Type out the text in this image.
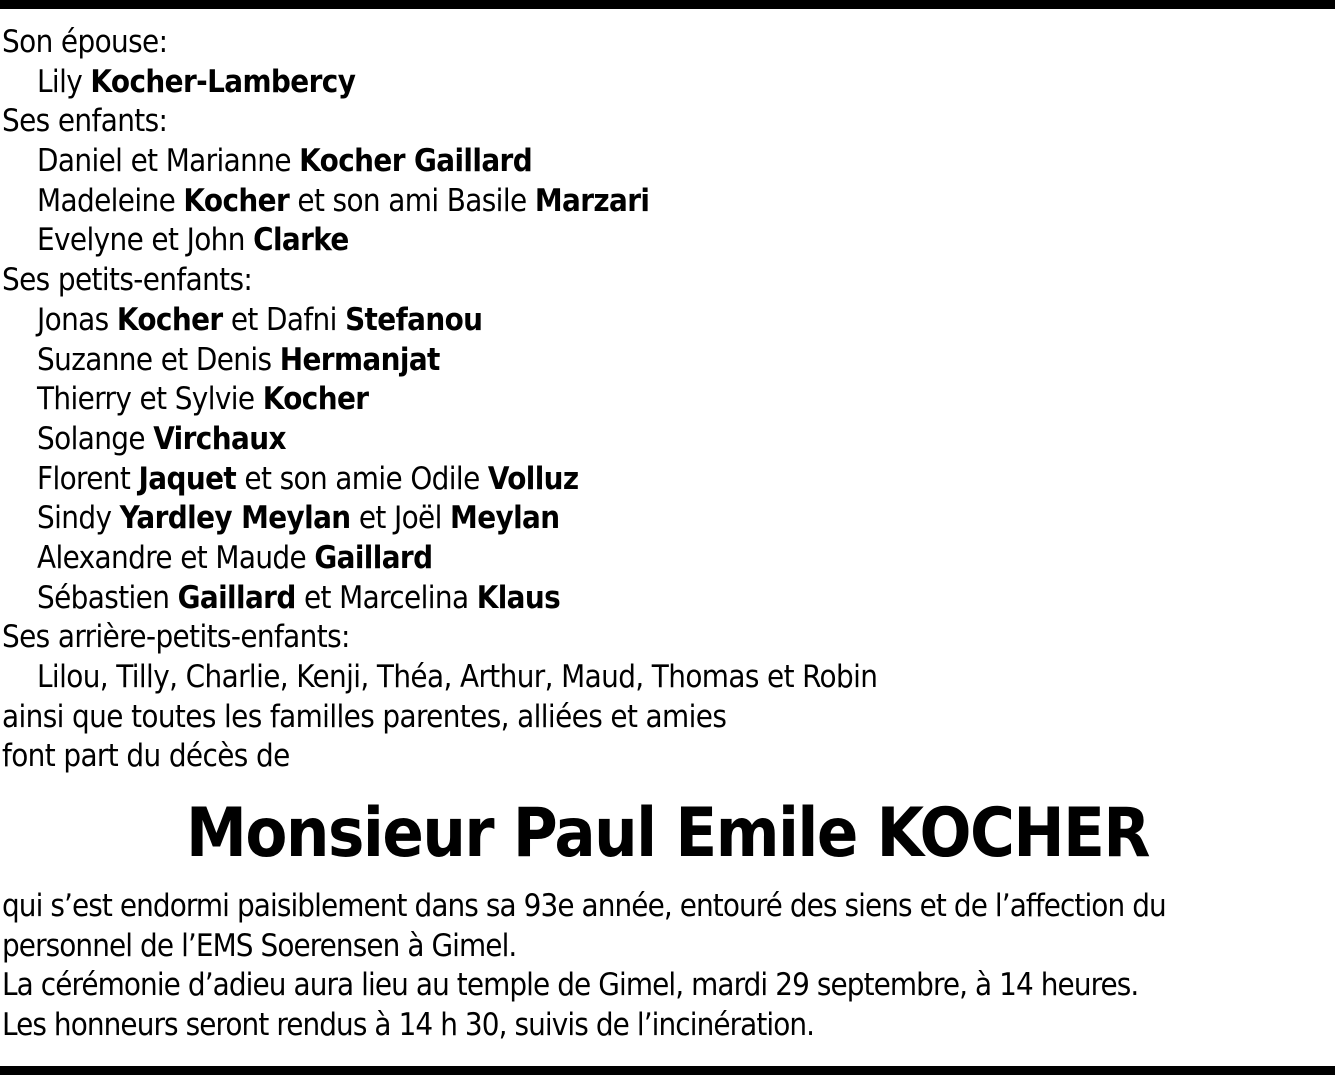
Son épouse:
Lily Kocher-Lambercy
Ses enfants:
Daniel et Marianne Kocher Gaillard
Madeleine Kocher et son ami Basile Marzari
Evelyne et John Clarke
Ses petits-enfants:
Jonas Kocher et Dafni Stefanou
Suzanne et Denis Hermanjat
Thierry et Sylvie Kocher
Solange Virchaux
Florent Jaquet et son amie Odile Volluz
Sindy Yardley Meylan et Joël Meylan
Alexandre et Maude Gaillard
Sébastien Gaillard et Marcelina Klaus
Ses arrière-petits-enfants:
Lilou, Tilly, Charlie, Kenji, Théa, Arthur, Maud, Thomas et Robin
ainsi que toutes les familles parentes, alliées et amies
font part du décès de
Monsieur Paul Emile KOCHER
qui s’est endormi paisiblement dans sa 93e année, entouré des siens et de l’affection du
personnel de l’EMS Soerensen à Gimel.
La cérémonie d’adieu aura lieu au temple de Gimel, mardi 29 septembre, à 14 heures.
Les honneurs seront rendus à 14 h 30, suivis de l’incinération.
